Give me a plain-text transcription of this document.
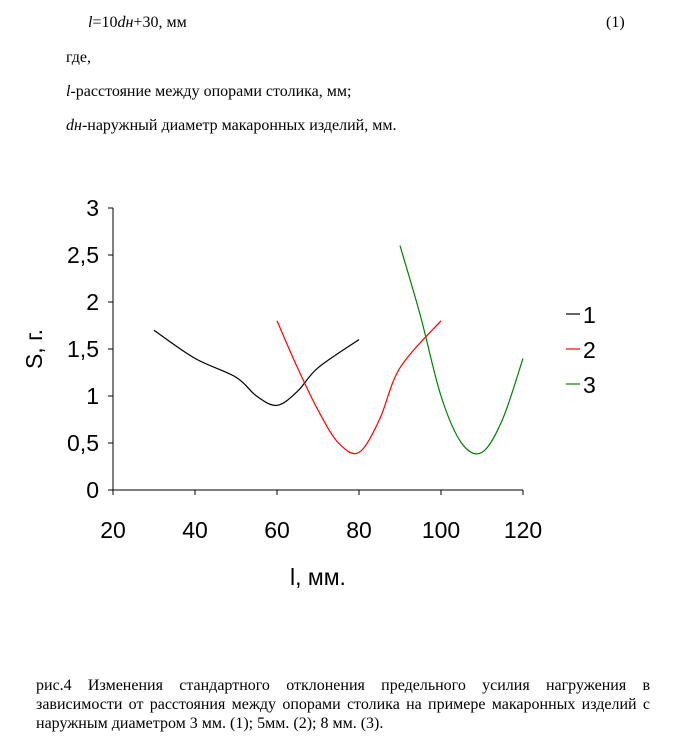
l=10dн+30, мм	(1)
где,
l-расстояние между опорами столика, мм;
dн-наружный диаметр макаронных изделий, мм.
0
0,5
1
1,5
2
2,5
3
20 40 60 80 100 120
l, мм.
S, г.
1
2
3
рис.4 Изменения стандартного отклонения предельного усилия нагружения в зависимости от расстояния между опорами столика на примере макаронных изделий с наружным диаметром 3 мм. (1); 5мм. (2); 8 мм. (3).
